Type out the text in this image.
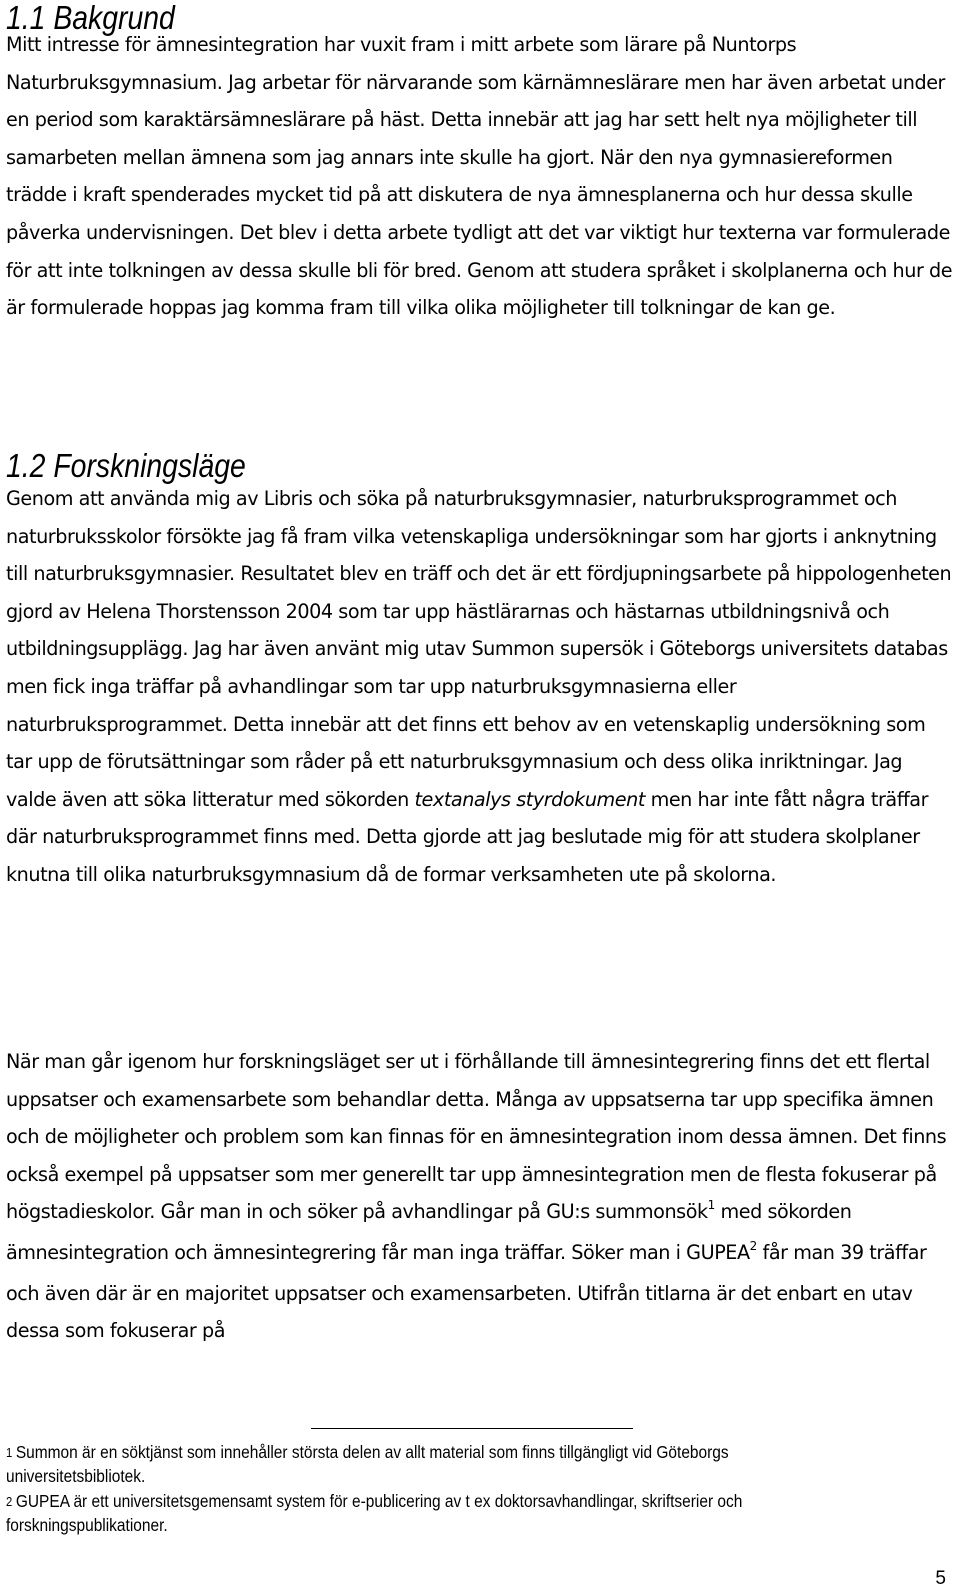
1.1 Bakgrund

Mitt intresse för ämnesintegration har vuxit fram i mitt arbete som lärare på Nuntorps Naturbruksgymnasium. Jag arbetar för närvarande som kärnämneslärare men har även arbetat under en period som karaktärsämneslärare på häst. Detta innebär att jag har sett helt nya möjligheter till samarbeten mellan ämnena som jag annars inte skulle ha gjort. När den nya gymnasiereformen trädde i kraft spenderades mycket tid på att diskutera de nya ämnesplanerna och hur dessa skulle påverka undervisningen. Det blev i detta arbete tydligt att det var viktigt hur texterna var formulerade för att inte tolkningen av dessa skulle bli för bred. Genom att studera språket i skolplanerna och hur de är formulerade hoppas jag komma fram till vilka olika möjligheter till tolkningar de kan ge.

1.2 Forskningsläge

Genom att använda mig av Libris och söka på naturbruksgymnasier, naturbruksprogrammet och naturbruksskolor försökte jag få fram vilka vetenskapliga undersökningar som har gjorts i anknytning till naturbruksgymnasier. Resultatet blev en träff och det är ett fördjupningsarbete på hippologenheten gjord av Helena Thorstensson 2004 som tar upp hästlärarnas och hästarnas utbildningsnivå och utbildningsupplägg. Jag har även använt mig utav Summon supersök i Göteborgs universitets databas men fick inga träffar på avhandlingar som tar upp naturbruksgymnasierna eller naturbruksprogrammet. Detta innebär att det finns ett behov av en vetenskaplig undersökning som tar upp de förutsättningar som råder på ett naturbruksgymnasium och dess olika inriktningar. Jag valde även att söka litteratur med sökorden textanalys styrdokument men har inte fått några träffar där naturbruksprogrammet finns med. Detta gjorde att jag beslutade mig för att studera skolplaner knutna till olika naturbruksgymnasium då de formar verksamheten ute på skolorna.

När man går igenom hur forskningsläget ser ut i förhållande till ämnesintegrering finns det ett flertal uppsatser och examensarbete som behandlar detta. Många av uppsatserna tar upp specifika ämnen och de möjligheter och problem som kan finnas för en ämnesintegration inom dessa ämnen. Det finns också exempel på uppsatser som mer generellt tar upp ämnesintegration men de flesta fokuserar på högstadieskolor. Går man in och söker på avhandlingar på GU:s summonsök$^1$ med sökorden ämnesintegration och ämnesintegrering får man inga träffar. Söker man i GUPEA$^2$ får man 39 träffar och även där är en majoritet uppsatser och examensarbeten. Utifrån titlarna är det enbart en utav dessa som fokuserar på

1 Summon är en söktjänst som innehåller största delen av allt material som finns tillgängligt vid Göteborgs universitetsbibliotek.

2 GUPEA är ett universitetsgemensamt system för e-publicering av t ex doktorsavhandlingar, skriftserier och forskningspublikationer.

5
